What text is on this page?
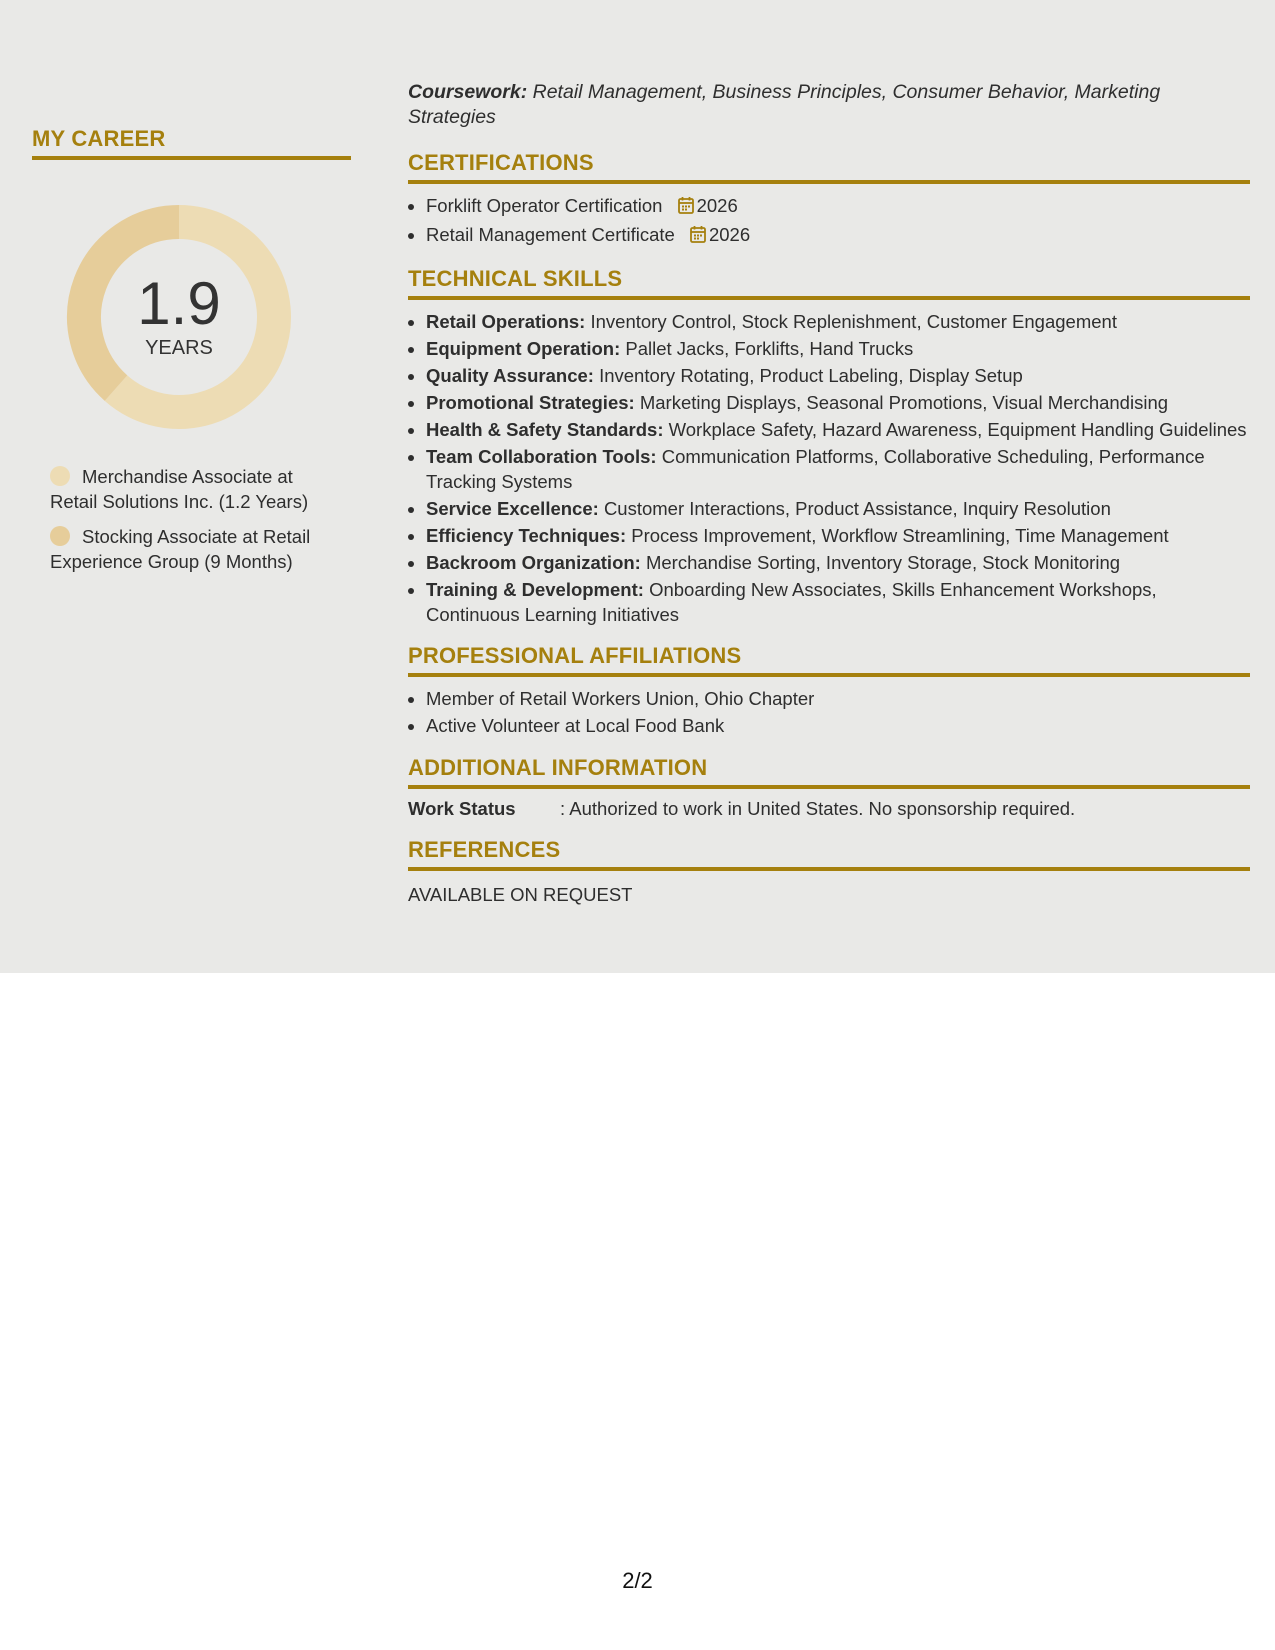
MY CAREER
1.9
YEARS
Merchandise Associate at Retail Solutions Inc. (1.2 Years)
Stocking Associate at Retail Experience Group (9 Months)
Coursework: Retail Management, Business Principles, Consumer Behavior, Marketing Strategies
CERTIFICATIONS
• Forklift Operator Certification 2026
• Retail Management Certificate 2026
TECHNICAL SKILLS
• Retail Operations: Inventory Control, Stock Replenishment, Customer Engagement
• Equipment Operation: Pallet Jacks, Forklifts, Hand Trucks
• Quality Assurance: Inventory Rotating, Product Labeling, Display Setup
• Promotional Strategies: Marketing Displays, Seasonal Promotions, Visual Merchandising
• Health & Safety Standards: Workplace Safety, Hazard Awareness, Equipment Handling Guidelines
• Team Collaboration Tools: Communication Platforms, Collaborative Scheduling, Performance Tracking Systems
• Service Excellence: Customer Interactions, Product Assistance, Inquiry Resolution
• Efficiency Techniques: Process Improvement, Workflow Streamlining, Time Management
• Backroom Organization: Merchandise Sorting, Inventory Storage, Stock Monitoring
• Training & Development: Onboarding New Associates, Skills Enhancement Workshops, Continuous Learning Initiatives
PROFESSIONAL AFFILIATIONS
• Member of Retail Workers Union, Ohio Chapter
• Active Volunteer at Local Food Bank
ADDITIONAL INFORMATION
Work Status : Authorized to work in United States. No sponsorship required.
REFERENCES
AVAILABLE ON REQUEST
2/2
